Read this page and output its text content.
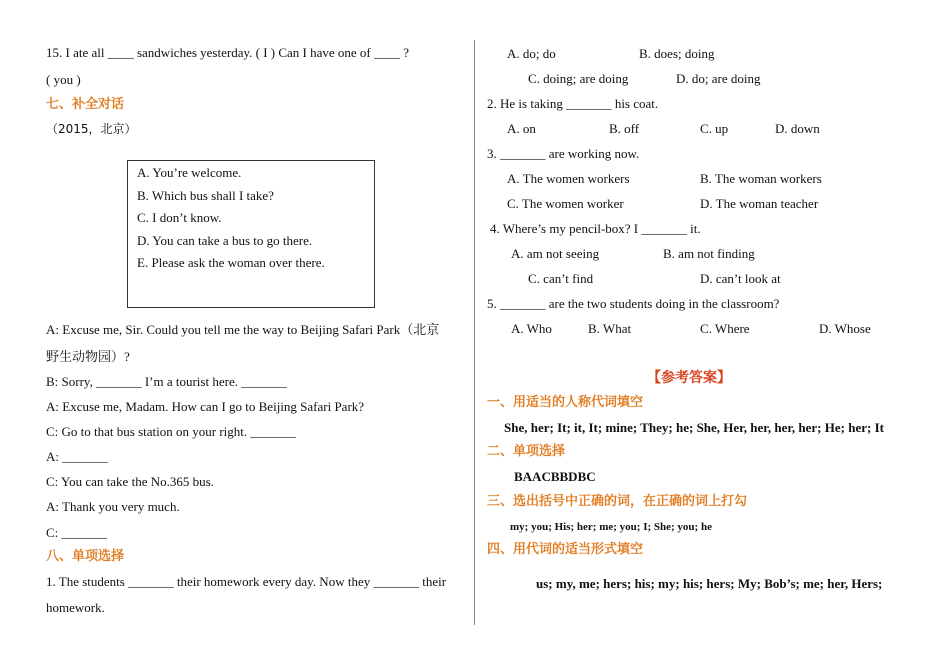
15. I ate all ____ sandwiches yesterday. ( I ) Can I have one of ____ ?
( you )
七、补全对话
（2015，北京）
A. You’re welcome.
B. Which bus shall I take?
C. I don’t know.
D. You can take a bus to go there.
E. Please ask the woman over there.
A: Excuse me, Sir. Could you tell me the way to Beijing Safari Park（北京
野生动物园）?
B: Sorry, _______ I’m a tourist here. _______
A: Excuse me, Madam. How can I go to Beijing Safari Park?
C: Go to that bus station on your right. _______
A: _______
C: You can take the No.365 bus.
A: Thank you very much.
C: _______
八、单项选择
1. The students _______ their homework every day. Now they _______ their
homework.
A. do; do	B. does; doing
C. doing; are doing	D. do; are doing
2. He is taking _______ his coat.
A. on	B. off	C. up	D. down
3. _______ are working now.
A. The women workers	B. The woman workers
C. The women worker	D. The woman teacher
4. Where’s my pencil-box? I _______ it.
A. am not seeing	B. am not finding
C. can’t find	D. can’t look at
5. _______ are the two students doing in the classroom?
A. Who	B. What	C. Where	D. Whose
【参考答案】
一、用适当的人称代词填空
She, her; It; it, It; mine; They; he; She, Her, her, her, her; He; her; It
二、单项选择
BAACBBDBC
三、选出括号中正确的词，在正确的词上打勾
my; you; His; her; me; you; I; She; you; he
四、用代词的适当形式填空
us; my, me; hers; his; my; his; hers; My; Bob’s; me; her, Hers;
